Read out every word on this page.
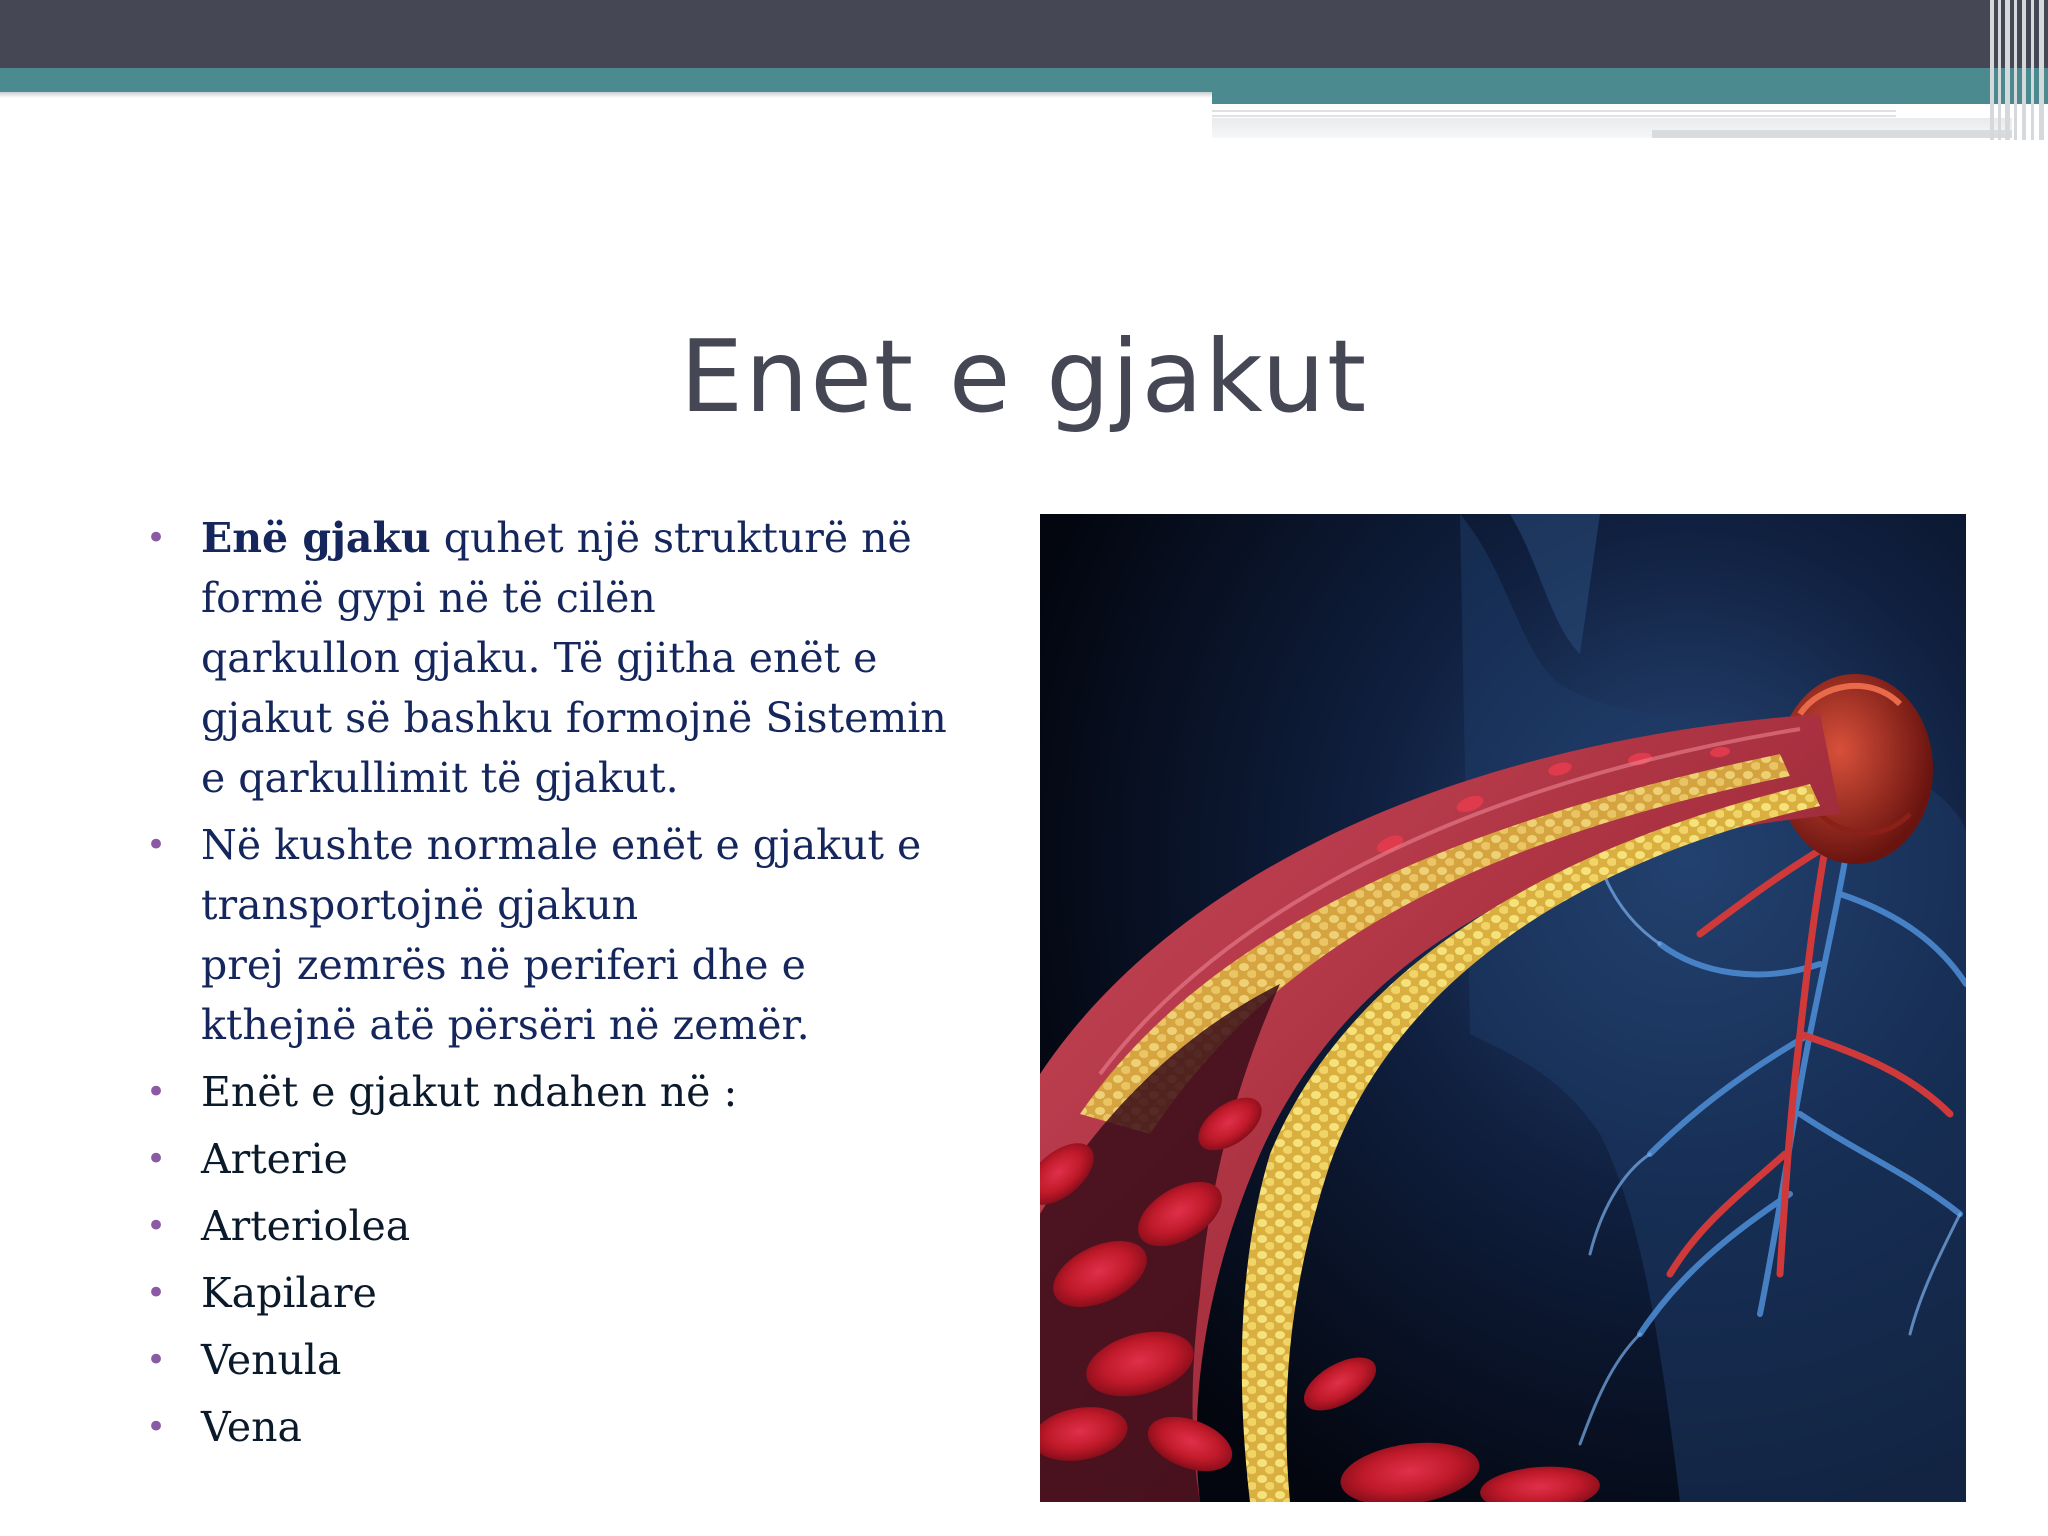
Enet e gjakut
• Enë gjaku quhet një strukturë në
formë gypi në të cilën
qarkullon gjaku. Të gjitha enët e
gjakut së bashku formojnë Sistemin
e qarkullimit të gjakut.
• Në kushte normale enët e gjakut e
transportojnë gjakun
prej zemrës në periferi dhe e
kthejnë atë përsëri në zemër.
• Enët e gjakut ndahen në :
• Arterie
• Arteriolea
• Kapilare
• Venula
• Vena
